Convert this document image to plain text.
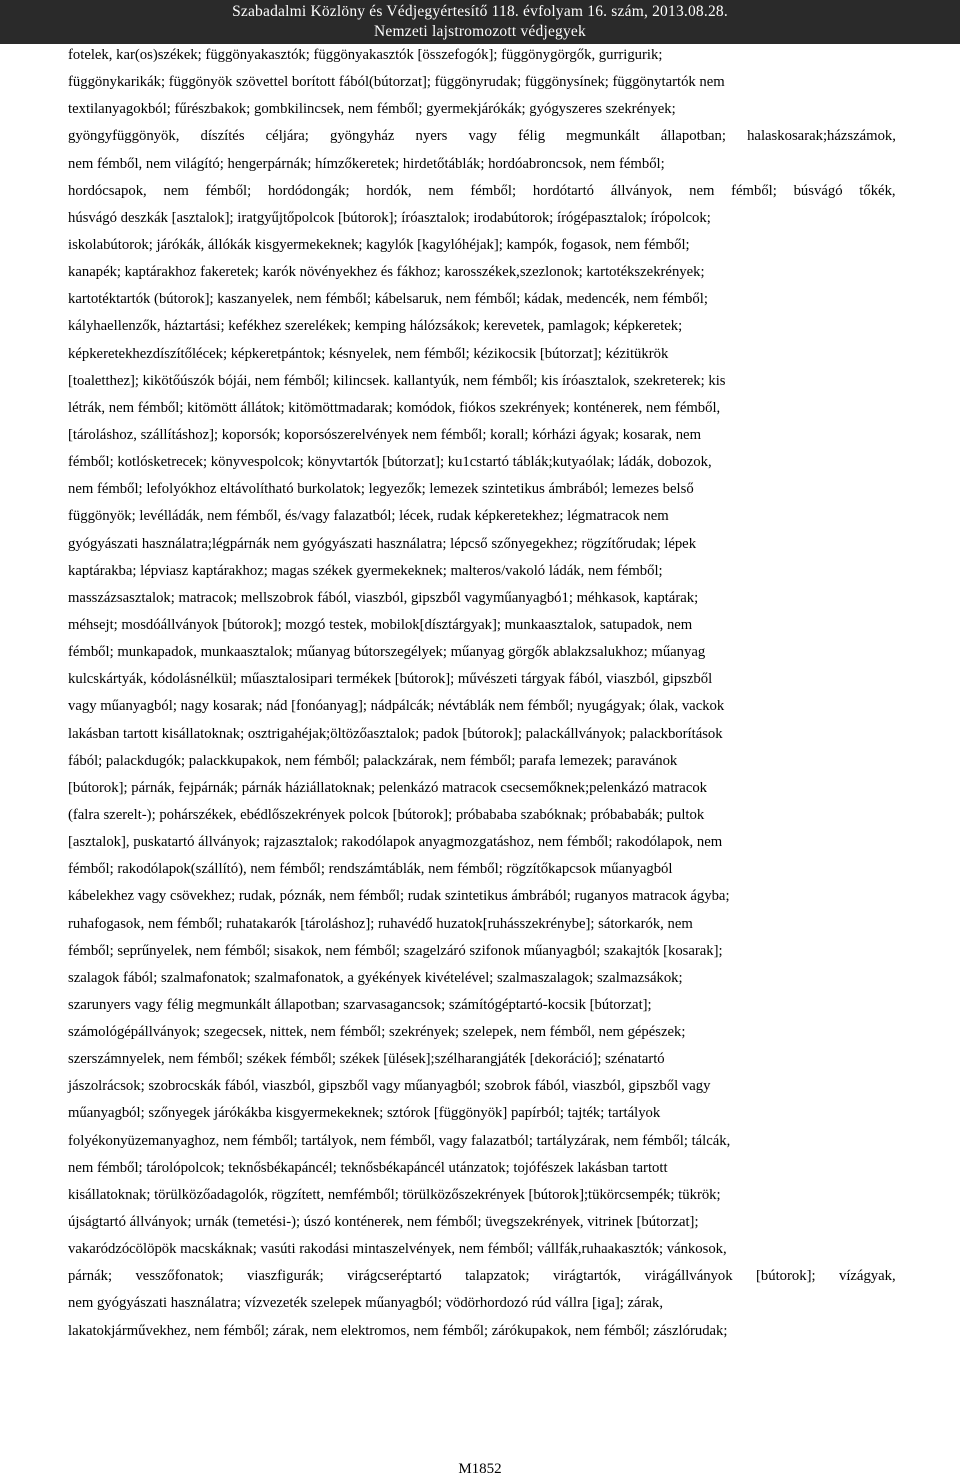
Szabadalmi Közlöny és Védjegyértesítő 118. évfolyam 16. szám, 2013.08.28.
Nemzeti lajstromozott védjegyek
fotelek, kar(os)székek; függönyakasztók; függönyakasztók [összefogók]; függönygörgők, gurrigurik;
függönykarikák; függönyök szövettel borított fából(bútorzat]; függönyrudak; függönysínek; függönytartók nem
textilanyagokból; fűrészbakok; gombkilincsek, nem fémből; gyermekjárókák; gyógyszeres szekrények;
gyöngyfüggönyök, díszítés céljára; gyöngyház nyers vagy félig megmunkált állapotban; halaskosarak;házszámok,
nem fémből, nem világító; hengerpárnák; hímzőkeretek; hirdetőtáblák; hordóabroncsok, nem fémből;
hordócsapok, nem fémből; hordódongák; hordók, nem fémből; hordótartó állványok, nem fémből; búsvágó tőkék,
húsvágó deszkák [asztalok]; iratgyűjtőpolcok [bútorok]; íróasztalok; irodabútorok; írógépasztalok; írópolcok;
iskolabútorok; járókák, állókák kisgyermekeknek; kagylók [kagylóhéjak]; kampók, fogasok, nem fémből;
kanapék; kaptárakhoz fakeretek; karók növényekhez és fákhoz; karosszékek,szezlonok; kartotékszekrények;
kartotéktartók (bútorok]; kaszanyelek, nem fémből; kábelsaruk, nem fémből; kádak, medencék, nem fémből;
kályhaellenzők, háztartási; kefékhez szerelékek; kemping hálózsákok; kerevetek, pamlagok; képkeretek;
képkeretekhezdíszítőlécek; képkeretpántok; késnyelek, nem fémből; kézikocsik [bútorzat]; kézitükrök
[toaletthez]; kikötőúszók bójái, nem fémből; kilincsek. kallantyúk, nem fémből; kis íróasztalok, szekreterek; kis
létrák, nem fémből; kitömött állátok; kitömöttmadarak; komódok, fiókos szekrények; konténerek, nem fémből,
[tároláshoz, szállításhoz]; koporsók; koporsószerelvények nem fémből; korall; kórházi ágyak; kosarak, nem
fémből; kotlósketrecek; könyvespolcok; könyvtartók [bútorzat]; ku1cstartó táblák;kutyaólak; ládák, dobozok,
nem fémből; lefolyókhoz eltávolítható burkolatok; legyezők; lemezek szintetikus ámbrából; lemezes belső
függönyök; levélládák, nem fémből, és/vagy falazatból; lécek, rudak képkeretekhez; légmatracok nem
gyógyászati használatra;légpárnák nem gyógyászati használatra; lépcső szőnyegekhez; rögzítőrudak; lépek
kaptárakba; lépviasz kaptárakhoz; magas székek gyermekeknek; malteros/vakoló ládák, nem fémből;
masszázsasztalok; matracok; mellszobrok fából, viaszból, gipszből vagyműanyagbó1; méhkasok, kaptárak;
méhsejt; mosdóállványok [bútorok]; mozgó testek, mobilok[dísztárgyak]; munkaasztalok, satupadok, nem
fémből; munkapadok, munkaasztalok; műanyag bútorszegélyek; műanyag görgők ablakzsalukhoz; műanyag
kulcskártyák, kódolásnélkül; műasztalosipari termékek [bútorok]; művészeti tárgyak fából, viaszból, gipszből
vagy műanyagból; nagy kosarak; nád [fonóanyag]; nádpálcák; névtáblák nem fémből; nyugágyak; ólak, vackok
lakásban tartott kisállatoknak; osztrigahéjak;öltözőasztalok; padok [bútorok]; palackállványok; palackborítások
fából; palackdugók; palackkupakok, nem fémből; palackzárak, nem fémből; parafa lemezek; paravánok
[bútorok]; párnák, fejpárnák; párnák háziállatoknak; pelenkázó matracok csecsemőknek;pelenkázó matracok
(falra szerelt-); pohárszékek, ebédlőszekrények polcok [bútorok]; próbababa szabóknak; próbababák; pultok
[asztalok], puskatartó állványok; rajzasztalok; rakodólapok anyagmozgatáshoz, nem fémből; rakodólapok, nem
fémből; rakodólapok(szállító), nem fémből; rendszámtáblák, nem fémből; rögzítőkapcsok műanyagból
kábelekhez vagy csövekhez; rudak, póznák, nem fémből; rudak szintetikus ámbrából; ruganyos matracok ágyba;
ruhafogasok, nem fémből; ruhatakarók [tároláshoz]; ruhavédő huzatok[ruhásszekrénybe]; sátorkarók, nem
fémből; seprűnyelek, nem fémből; sisakok, nem fémből; szagelzáró szifonok műanyagból; szakajtók [kosarak];
szalagok fából; szalmafonatok; szalmafonatok, a gyékények kivételével; szalmaszalagok; szalmazsákok;
szarunyers vagy félig megmunkált állapotban; szarvasagancsok; számítógéptartó-kocsik [bútorzat];
számológépállványok; szegecsek, nittek, nem fémből; szekrények; szelepek, nem fémből, nem gépészek;
szerszámnyelek, nem fémből; székek fémből; székek [ülések];szélharangjáték [dekoráció]; szénatartó
jászolrácsok; szobrocskák fából, viaszból, gipszből vagy műanyagból; szobrok fából, viaszból, gipszből vagy
műanyagból; szőnyegek járókákba kisgyermekeknek; sztórok [függönyök] papírból; tajték; tartályok
folyékonyüzemanyaghoz, nem fémből; tartályok, nem fémből, vagy falazatból; tartályzárak, nem fémből; tálcák,
nem fémből; tárolópolcok; teknősbékapáncél; teknősbékapáncél utánzatok; tojófészek lakásban tartott
kisállatoknak; törülközőadagolók, rögzített, nemfémből; törülközőszekrények [bútorok];tükörcsempék; tükrök;
újságtartó állványok; urnák (temetési-); úszó konténerek, nem fémből; üvegszekrények, vitrinek [bútorzat];
vakaródzócölöpök macskáknak; vasúti rakodási mintaszelvények, nem fémből; vállfák,ruhaakasztók; vánkosok,
párnák; vesszőfonatok; viaszfigurák; virágcseréptartó talapzatok; virágtartók, virágállványok [bútorok]; vízágyak,
nem gyógyászati használatra; vízvezeték szelepek műanyagból; vödörhordozó rúd vállra [iga]; zárak,
lakatokjárművekhez, nem fémből; zárak, nem elektromos, nem fémből; zárókupakok, nem fémből; zászlórudak;
M1852
